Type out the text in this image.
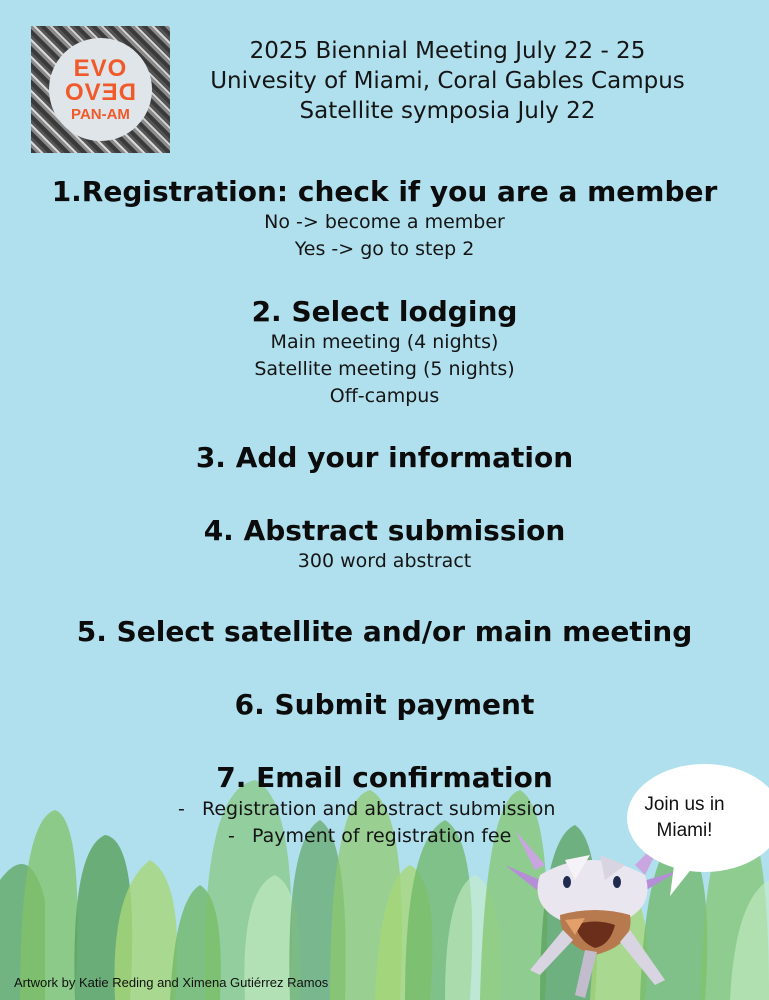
EVO
DEVO
PAN-AM
2025 Biennial Meeting July 22 - 25
Univesity of Miami, Coral Gables Campus
Satellite symposia July 22
1.Registration: check if you are a member
No -> become a member
Yes -> go to step 2
2. Select lodging
Main meeting (4 nights)
Satellite meeting (5 nights)
Off-campus
3. Add your information
4. Abstract submission
300 word abstract
5. Select satellite and/or main meeting
6. Submit payment
7. Email confirmation
- Registration and abstract submission
- Payment of registration fee
Join us in
Miami!
Artwork by Katie Reding and Ximena Gutiérrez Ramos
